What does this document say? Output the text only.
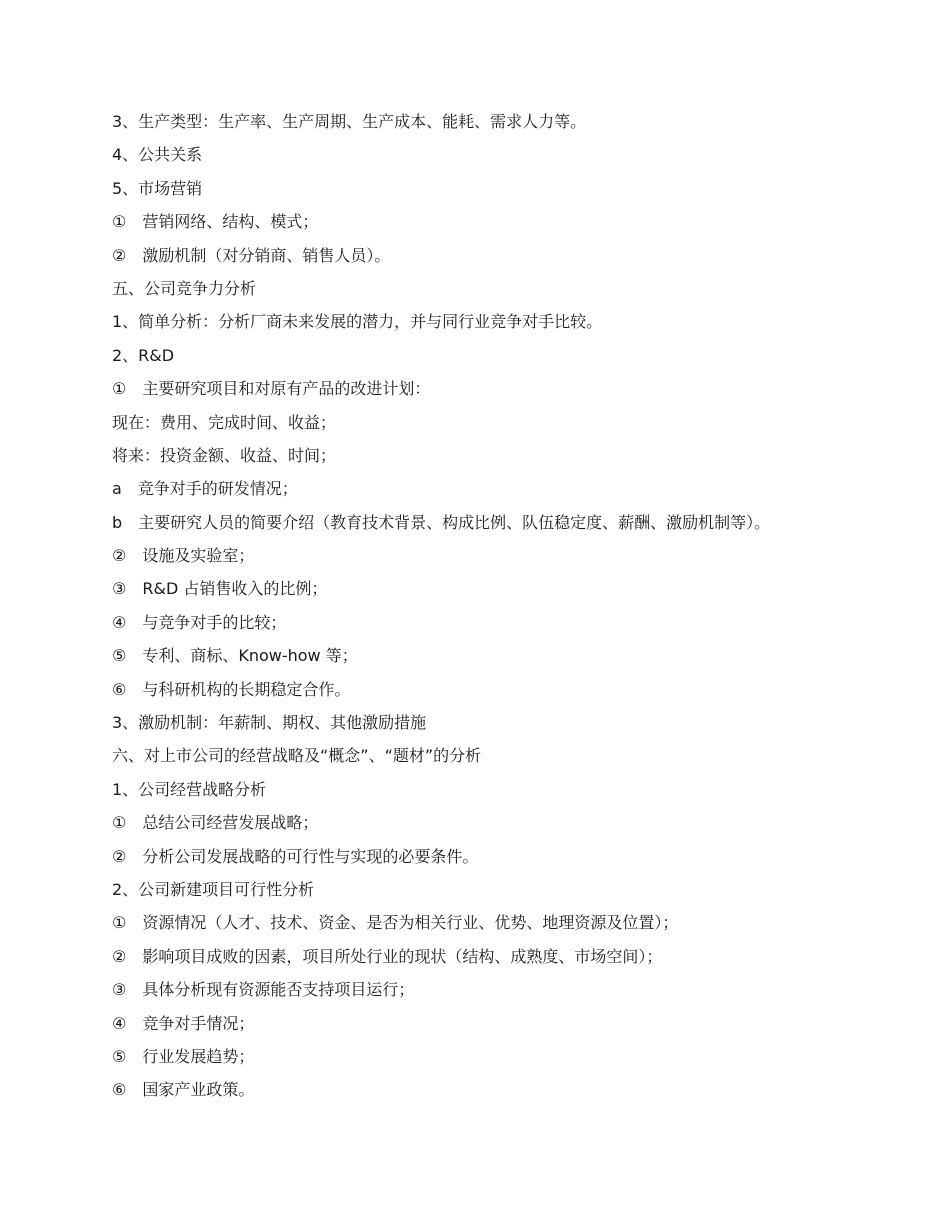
3、生产类型：生产率、生产周期、生产成本、能耗、需求人力等。
4、公共关系
5、市场营销
①　营销网络、结构、模式；
②　激励机制（对分销商、销售人员）。
五、公司竞争力分析
1、简单分析：分析厂商未来发展的潜力，并与同行业竞争对手比较。
2、R&D
①　主要研究项目和对原有产品的改进计划：
现在：费用、完成时间、收益；
将来：投资金额、收益、时间；
a　竞争对手的研发情况；
b　主要研究人员的简要介绍（教育技术背景、构成比例、队伍稳定度、薪酬、激励机制等）。
②　设施及实验室；
③　R&D 占销售收入的比例；
④　与竞争对手的比较；
⑤　专利、商标、Know-how 等；
⑥　与科研机构的长期稳定合作。
3、激励机制：年薪制、期权、其他激励措施
六、对上市公司的经营战略及“概念”、“题材”的分析
1、公司经营战略分析
①　总结公司经营发展战略；
②　分析公司发展战略的可行性与实现的必要条件。
2、公司新建项目可行性分析
①　资源情况（人才、技术、资金、是否为相关行业、优势、地理资源及位置）；
②　影响项目成败的因素，项目所处行业的现状（结构、成熟度、市场空间）；
③　具体分析现有资源能否支持项目运行；
④　竞争对手情况；
⑤　行业发展趋势；
⑥　国家产业政策。
